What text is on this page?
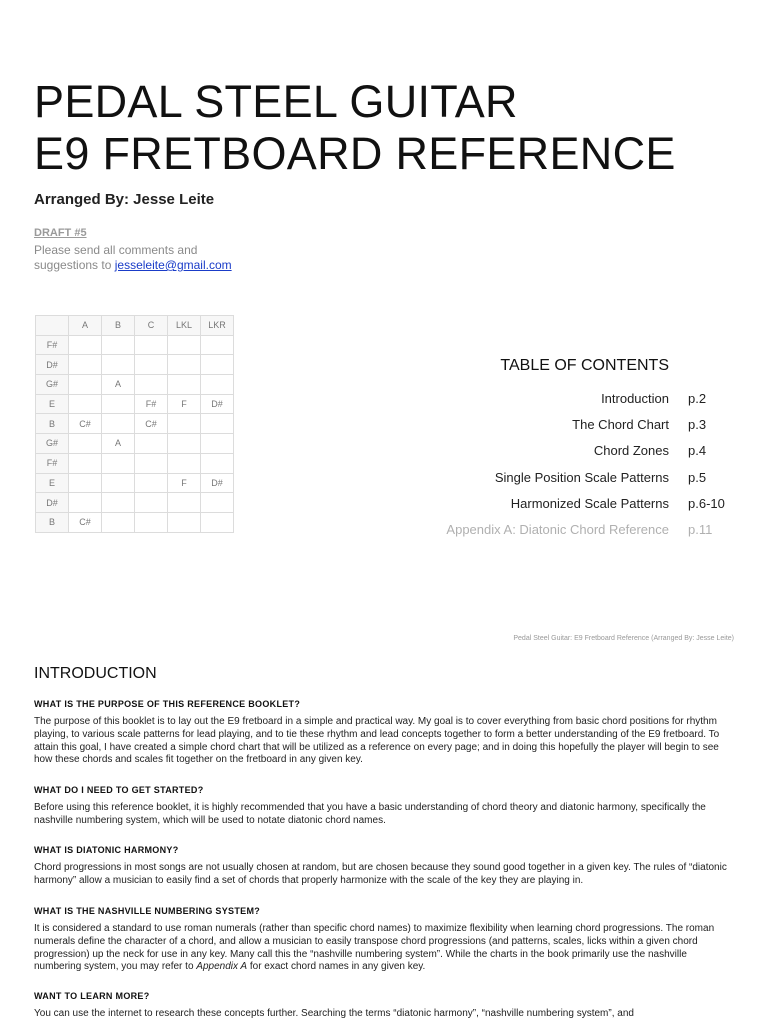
PEDAL STEEL GUITAR
E9 FRETBOARD REFERENCE
Arranged By: Jesse Leite
DRAFT #5
Please send all comments and suggestions to jesseleite@gmail.com
	A	B	C	LKL	LKR
F#					
D#					
G#		A			
E			F#	F	D#
B	C#		C#		
G#		A			
F#					
E				F	D#
D#					
B	C#				
TABLE OF CONTENTS
Introduction	p.2
The Chord Chart	p.3
Chord Zones	p.4
Single Position Scale Patterns	p.5
Harmonized Scale Patterns	p.6-10
Appendix A: Diatonic Chord Reference	p.11
Pedal Steel Guitar: E9 Fretboard Reference (Arranged By: Jesse Leite)
INTRODUCTION
WHAT IS THE PURPOSE OF THIS REFERENCE BOOKLET?
The purpose of this booklet is to lay out the E9 fretboard in a simple and practical way. My goal is to cover everything from basic chord positions for rhythm playing, to various scale patterns for lead playing, and to tie these rhythm and lead concepts together to form a better understanding of the E9 fretboard. To attain this goal, I have created a simple chord chart that will be utilized as a reference on every page; and in doing this hopefully the player will begin to see how these chords and scales fit together on the fretboard in any given key.
WHAT DO I NEED TO GET STARTED?
Before using this reference booklet, it is highly recommended that you have a basic understanding of chord theory and diatonic harmony, specifically the nashville numbering system, which will be used to notate diatonic chord names.
WHAT IS DIATONIC HARMONY?
Chord progressions in most songs are not usually chosen at random, but are chosen because they sound good together in a given key. The rules of “diatonic harmony” allow a musician to easily find a set of chords that properly harmonize with the scale of the key they are playing in.
WHAT IS THE NASHVILLE NUMBERING SYSTEM?
It is considered a standard to use roman numerals (rather than specific chord names) to maximize flexibility when learning chord progressions. The roman numerals define the character of a chord, and allow a musician to easily transpose chord progressions (and patterns, scales, licks within a given chord progression) up the neck for use in any key. Many call this the “nashville numbering system”. While the charts in the book primarily use the nashville numbering system, you may refer to Appendix A for exact chord names in any given key.
WANT TO LEARN MORE?
You can use the internet to research these concepts further. Searching the terms “diatonic harmony”, “nashville numbering system”, and
